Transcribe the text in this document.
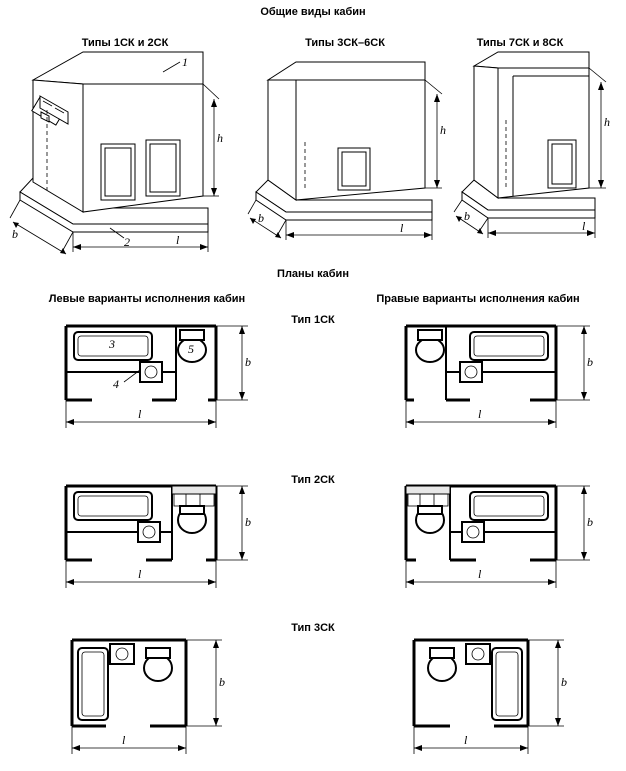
Общие виды кабин
Типы 1СК и 2СК	Типы 3СК–6СК	Типы 7СК и 8СК
1
2
h
b	l
h
b
l
h
b
l
Планы кабин
Левые варианты исполнения кабин	Правые варианты исполнения кабин
Тип 1СК
3	5
4
b
l
b
l
Тип 2СК
b
l
b
l
Тип 3СК
b
l
b
l
